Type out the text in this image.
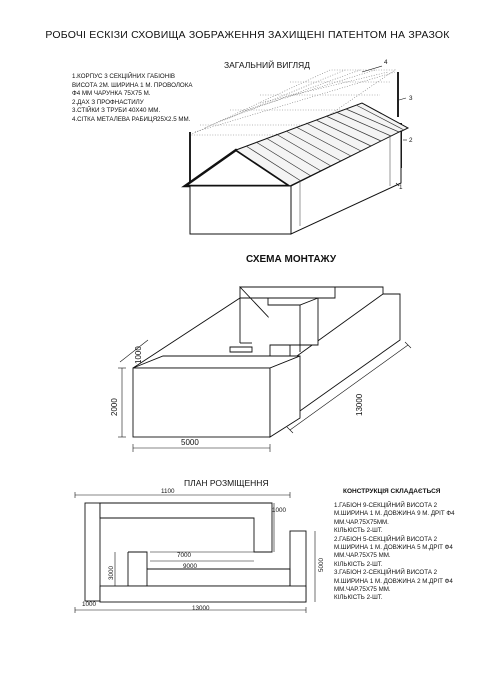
РОБОЧІ ЕСКІЗИ СХОВИЩА ЗОБРАЖЕННЯ ЗАХИЩЕНІ ПАТЕНТОМ НА ЗРАЗОК
ЗАГАЛЬНИЙ ВИГЛЯД
1.КОРПУС 3 СЕКЦІЙНИХ ГАБІОНІВ
ВИСОТА 2М. ШИРИНА 1 М. ПРОВОЛОКА
Ф4 ММ ЧАРУНКА 75Х75 М.
2.ДАХ З ПРОФНАСТИЛУ
3.СТІЙКИ З ТРУБИ 40Х40 ММ.
4.СІТКА МЕТАЛЕВА РАБИЦЯ25Х2.5 ММ.
4
3
2
1
СХЕМА МОНТАЖУ
2000
1000
13000
5000
ПЛАН РОЗМІЩЕННЯ
1100
1000
3000
7000
9000	5000
1000
13000
КОНСТРУКЦІЯ СКЛАДАЄТЬСЯ
1.ГАБІОН 9-СЕКЦІЙНИЙ ВИСОТА 2
М.ШИРИНА 1 М. ДОВЖИНА 9 М. ДРІТ Ф4
ММ.ЧАР.75Х75ММ.
КІЛЬКІСТЬ 2-ШТ.
2.ГАБІОН 5-СЕКЦІЙНИЙ ВИСОТА 2
М.ШИРИНА 1 М. ДОВЖИНА 5 М.ДРІТ Ф4
ММ.ЧАР.75Х75 ММ.
КІЛЬКІСТЬ 2-ШТ.
3.ГАБІОН 2-СЕКЦІЙНИЙ ВИСОТА 2
М.ШИРИНА 1 М. ДОВЖИНА 2 М.ДРІТ Ф4
ММ.ЧАР.75Х75 ММ.
КІЛЬКІСТЬ 2-ШТ.
